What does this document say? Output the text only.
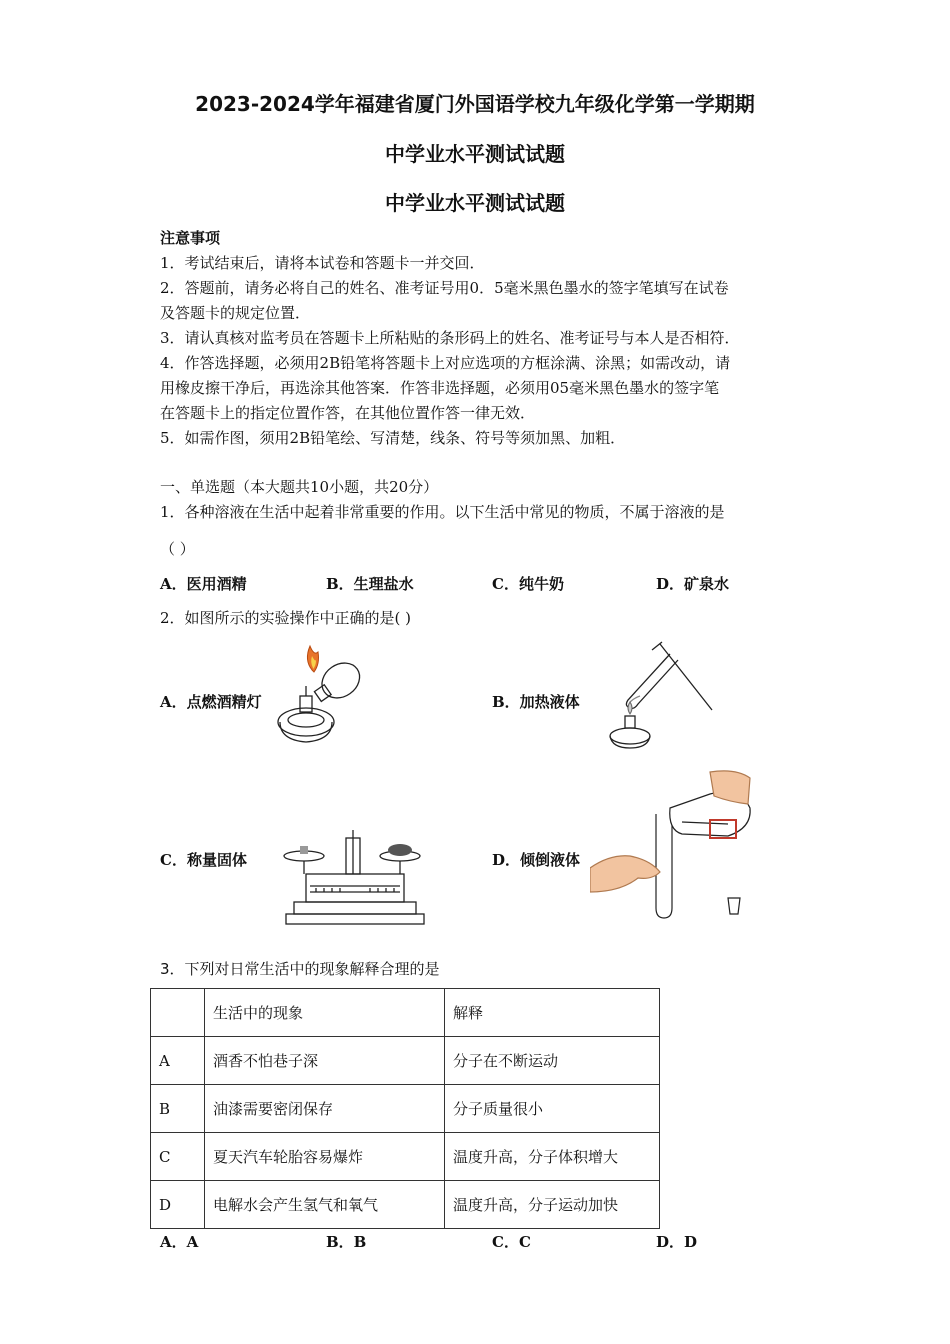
2023-2024学年福建省厦门外国语学校九年级化学第一学期期
中学业水平测试试题
中学业水平测试试题
注意事项
1．考试结束后，请将本试卷和答题卡一并交回．
2．答题前，请务必将自己的姓名、准考证号用0．5毫米黑色墨水的签字笔填写在试卷
及答题卡的规定位置．
3．请认真核对监考员在答题卡上所粘贴的条形码上的姓名、准考证号与本人是否相符．
4．作答选择题，必须用2B铅笔将答题卡上对应选项的方框涂满、涂黑；如需改动，请
用橡皮擦干净后，再选涂其他答案．作答非选择题，必须用05毫米黑色墨水的签字笔
在答题卡上的指定位置作答，在其他位置作答一律无效．
5．如需作图，须用2B铅笔绘、写清楚，线条、符号等须加黑、加粗．
一、单选题（本大题共10小题，共20分）
1．各种溶液在生活中起着非常重要的作用。以下生活中常见的物质，不属于溶液的是
（ ）
A．医用酒精	B．生理盐水	C．纯牛奶	D．矿泉水
2．如图所示的实验操作中正确的是( )
A．点燃酒精灯	B．加热液体
C．称量固体	D．倾倒液体
3．下列对日常生活中的现象解释合理的是
	生活中的现象	解释
A	酒香不怕巷子深	分子在不断运动
B	油漆需要密闭保存	分子质量很小
C	夏天汽车轮胎容易爆炸	温度升高，分子体积增大
D	电解水会产生氢气和氧气	温度升高，分子运动加快
A．A	B．B	C．C	D．D
